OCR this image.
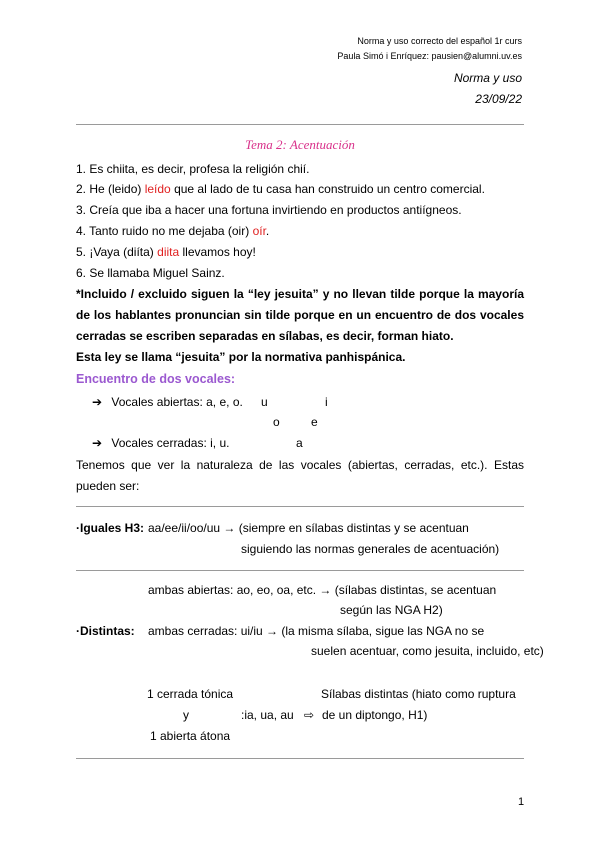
Norma y uso correcto del español 1r curs
Paula Simó i Enríquez: pausien@alumni.uv.es
Norma y uso
23/09/22
Tema 2: Acentuación
1. Es chiita, es decir, profesa la religión chií.
2. He (leido) leído que al lado de tu casa han construido un centro comercial.
3. Creía que iba a hacer una fortuna invirtiendo en productos antiígneos.
4. Tanto ruido no me dejaba (oir) oír.
5. ¡Vaya (diíta) diita llevamos hoy!
6. Se llamaba Miguel Sainz.
*Incluido / excluido siguen la “ley jesuita” y no llevan tilde porque la mayoría
de los hablantes pronuncian sin tilde porque en un encuentro de dos vocales
cerradas se escriben separadas en sílabas, es decir, forman hiato.
Esta ley se llama “jesuita” por la normativa panhispánica.
Encuentro de dos vocales:
➔ Vocales abiertas: a, e, o. u	i
o	e
➔ Vocales cerradas: i, u.	a
Tenemos que ver la naturaleza de las vocales (abiertas, cerradas, etc.). Estas
pueden ser:
·Iguales H3: aa/ee/ii/oo/uu → (siempre en sílabas distintas y se acentuan
siguiendo las normas generales de acentuación)
ambas abiertas: ao, eo, oa, etc. → (sílabas distintas, se acentuan
según las NGA H2)
·Distintas: ambas cerradas: ui/iu → (la misma sílaba, sigue las NGA no se
suelen acentuar, como jesuita, incluido, etc)
1 cerrada tónica	Sílabas distintas (hiato como ruptura
y	:ia, ua, au ⇨ de un diptongo, H1)
1 abierta átona
1
